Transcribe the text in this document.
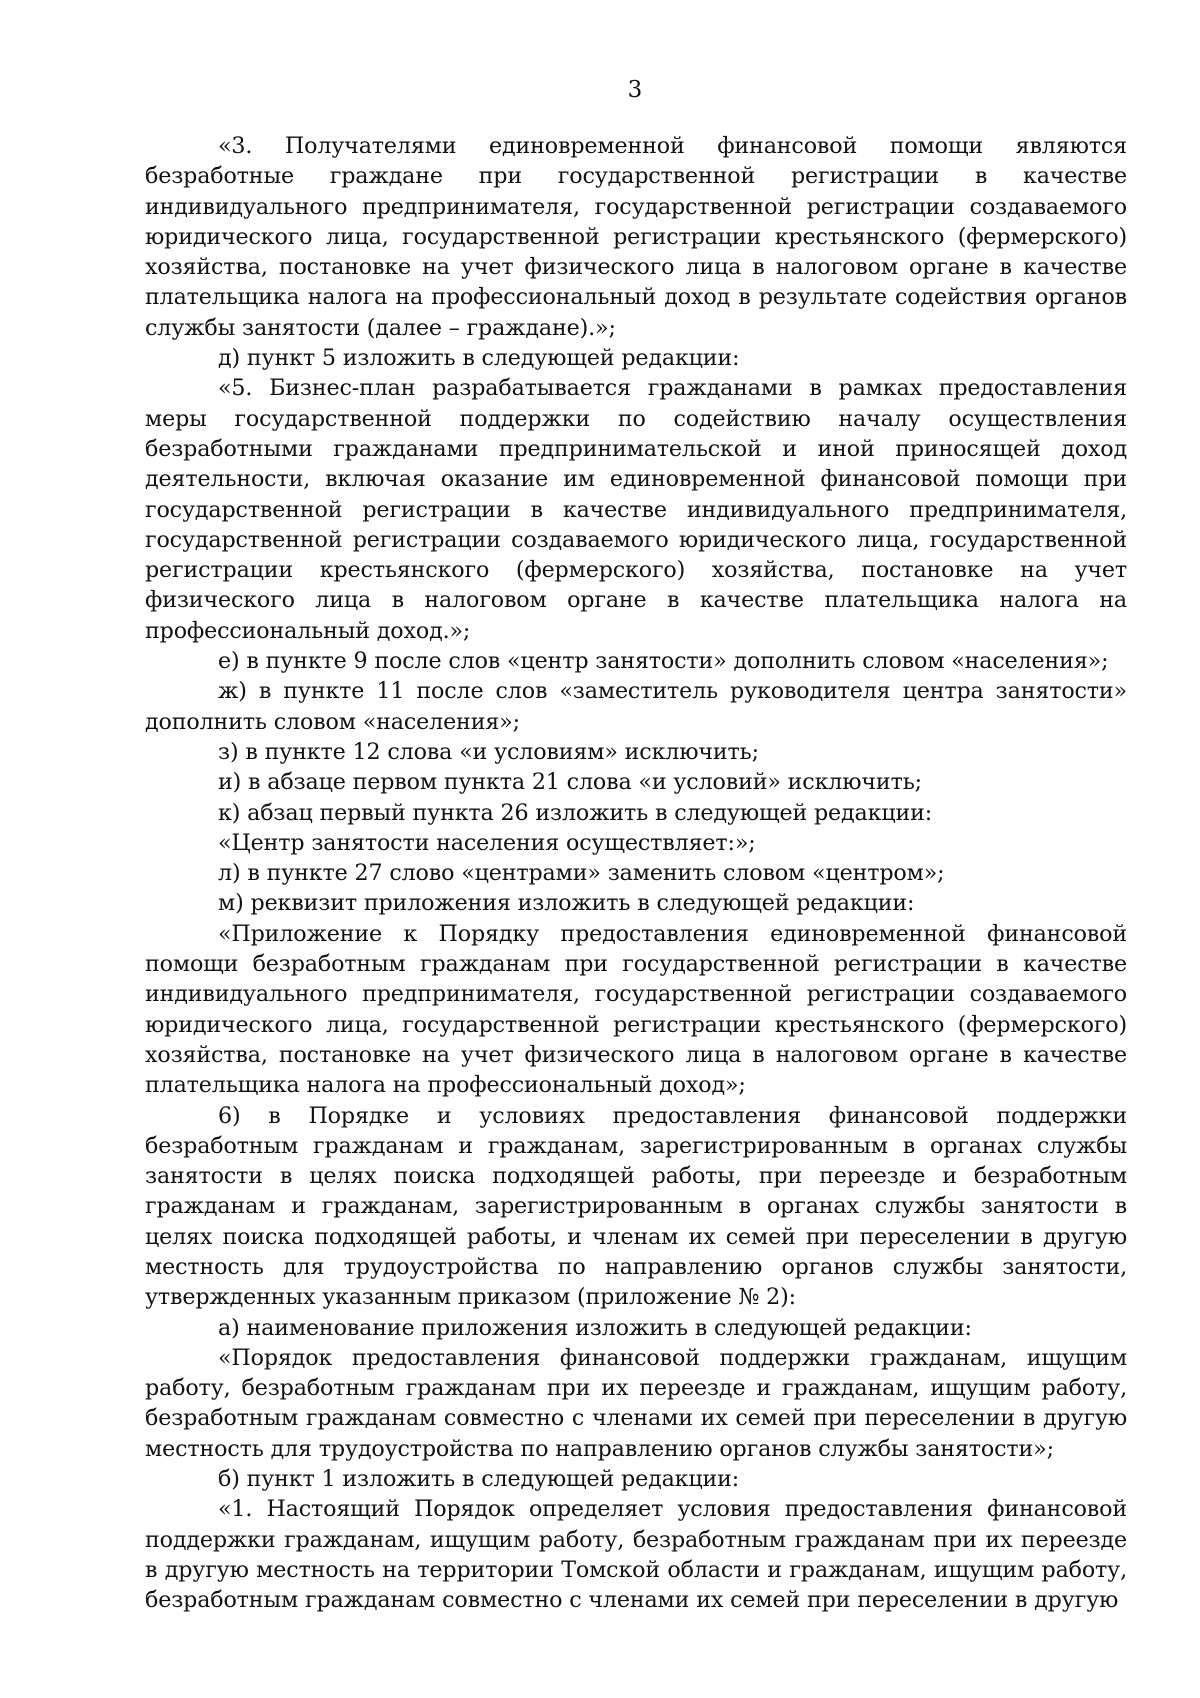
3

«3. Получателями единовременной финансовой помощи являются безработные граждане при государственной регистрации в качестве индивидуального предпринимателя, государственной регистрации создаваемого юридического лица, государственной регистрации крестьянского (фермерского) хозяйства, постановке на учет физического лица в налоговом органе в качестве плательщика налога на профессиональный доход в результате содействия органов службы занятости (далее – граждане).»;

д) пункт 5 изложить в следующей редакции:

«5. Бизнес-план разрабатывается гражданами в рамках предоставления меры государственной поддержки по содействию началу осуществления безработными гражданами предпринимательской и иной приносящей доход деятельности, включая оказание им единовременной финансовой помощи при государственной регистрации в качестве индивидуального предпринимателя, государственной регистрации создаваемого юридического лица, государственной регистрации крестьянского (фермерского) хозяйства, постановке на учет физического лица в налоговом органе в качестве плательщика налога на профессиональный доход.»;

е) в пункте 9 после слов «центр занятости» дополнить словом «населения»;

ж) в пункте 11 после слов «заместитель руководителя центра занятости» дополнить словом «населения»;

з) в пункте 12 слова «и условиям» исключить;

и) в абзаце первом пункта 21 слова «и условий» исключить;

к) абзац первый пункта 26 изложить в следующей редакции:

«Центр занятости населения осуществляет:»;

л) в пункте 27 слово «центрами» заменить словом «центром»;

м) реквизит приложения изложить в следующей редакции:

«Приложение к Порядку предоставления единовременной финансовой помощи безработным гражданам при государственной регистрации в качестве индивидуального предпринимателя, государственной регистрации создаваемого юридического лица, государственной регистрации крестьянского (фермерского) хозяйства, постановке на учет физического лица в налоговом органе в качестве плательщика налога на профессиональный доход»;

6) в Порядке и условиях предоставления финансовой поддержки безработным гражданам и гражданам, зарегистрированным в органах службы занятости в целях поиска подходящей работы, при переезде и безработным гражданам и гражданам, зарегистрированным в органах службы занятости в целях поиска подходящей работы, и членам их семей при переселении в другую местность для трудоустройства по направлению органов службы занятости, утвержденных указанным приказом (приложение № 2):

а) наименование приложения изложить в следующей редакции:

«Порядок предоставления финансовой поддержки гражданам, ищущим работу, безработным гражданам при их переезде и гражданам, ищущим работу, безработным гражданам совместно с членами их семей при переселении в другую местность для трудоустройства по направлению органов службы занятости»;

б) пункт 1 изложить в следующей редакции:

«1. Настоящий Порядок определяет условия предоставления финансовой поддержки гражданам, ищущим работу, безработным гражданам при их переезде в другую местность на территории Томской области и гражданам, ищущим работу, безработным гражданам совместно с членами их семей при переселении в другую
